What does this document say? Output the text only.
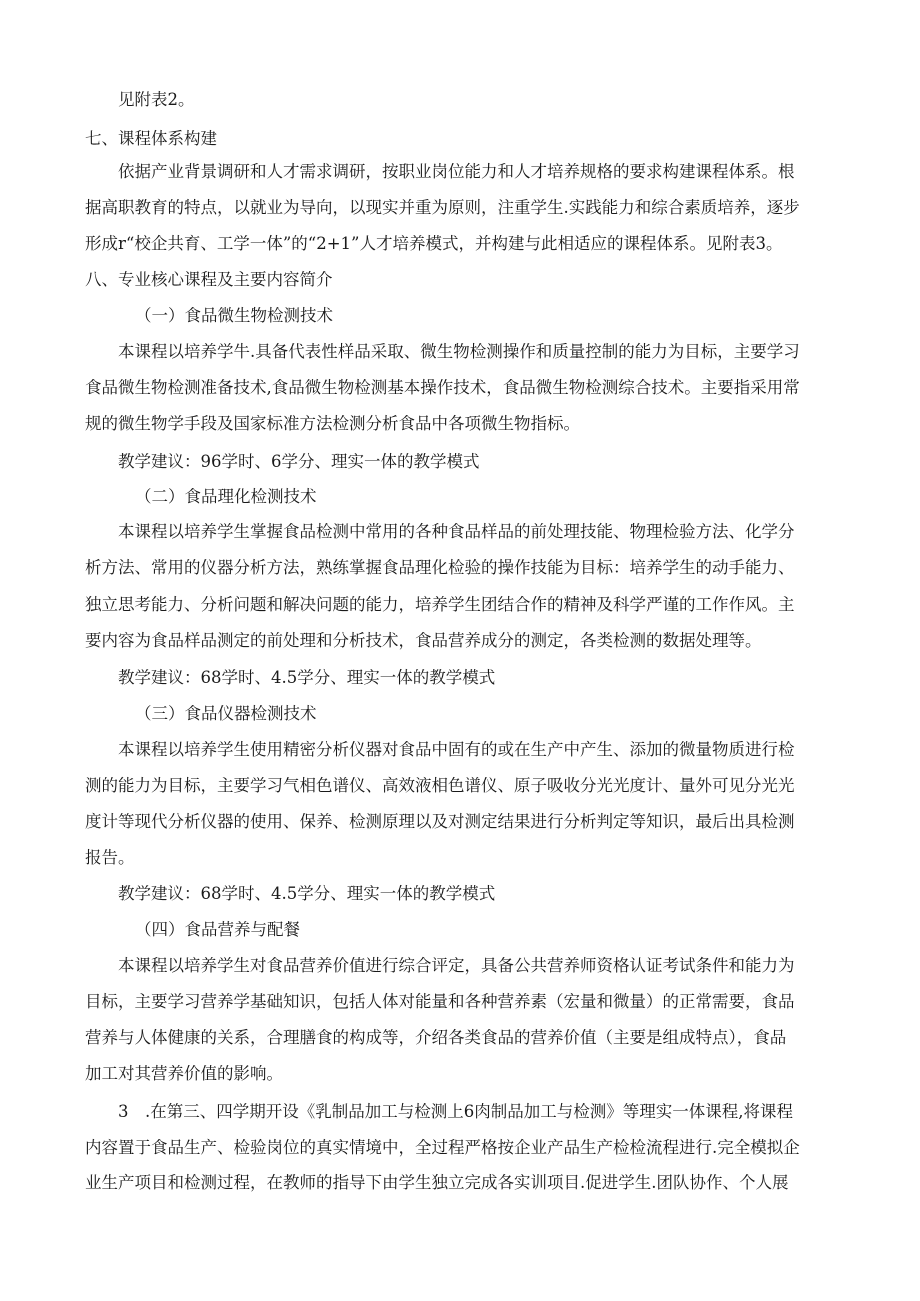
见附表2。

七、课程体系构建

依据产业背景调研和人才需求调研，按职业岗位能力和人才培养规格的要求构建课程体系。根

据高职教育的特点，以就业为导向，以现实并重为原则，注重学生.实践能力和综合素质培养，逐步

形成r“校企共育、工学一体”的“2+1”人才培养模式，并构建与此相适应的课程体系。见附表3。

八、专业核心课程及主要内容简介

（一）食品微生物检测技术

本课程以培养学牛.具备代表性样品采取、微生物检测操作和质量控制的能力为目标，主要学习

食品微生物检测准备技术,食品微生物检测基本操作技术，食品微生物检测综合技术。主要指采用常

规的微生物学手段及国家标准方法检测分析食品中各项微生物指标。

教学建议：96学时、6学分、理实一体的教学模式

（二）食品理化检测技术

本课程以培养学生掌握食品检测中常用的各种食品样品的前处理技能、物理检验方法、化学分

析方法、常用的仪器分析方法，熟练掌握食品理化检验的操作技能为目标：培养学生的动手能力、

独立思考能力、分析问题和解决问题的能力，培养学生团结合作的精神及科学严谨的工作作风。主

要内容为食品样品测定的前处理和分析技术，食品营养成分的测定，各类检测的数据处理等。

教学建议：68学时、4.5学分、理实一体的教学模式

（三）食品仪器检测技术

本课程以培养学生使用精密分析仪器对食品中固有的或在生产中产生、添加的微量物质进行检

测的能力为目标，主要学习气相色谱仪、高效液相色谱仪、原子吸收分光光度计、量外可见分光光

度计等现代分析仪器的使用、保养、检测原理以及对测定结果进行分析判定等知识，最后出具检测

报告。

教学建议：68学时、4.5学分、理实一体的教学模式

（四）食品营养与配餐

本课程以培养学生对食品营养价值进行综合评定，具备公共营养师资格认证考试条件和能力为

目标，主要学习营养学基础知识，包括人体对能量和各种营养素（宏量和微量）的正常需要，食品

营养与人体健康的关系，合理膳食的构成等，介绍各类食品的营养价值（主要是组成特点），食品

加工对其营养价值的影响。

3　.在第三、四学期开设《乳制品加工与检测上6肉制品加工与检测》等理实一体课程,将课程

内容置于食品生产、检验岗位的真实情境中，全过程严格按企业产品生产检检流程进行.完全模拟企

业生产项目和检测过程，在教师的指导下由学生独立完成各实训项目.促进学生.团队协作、个人展
